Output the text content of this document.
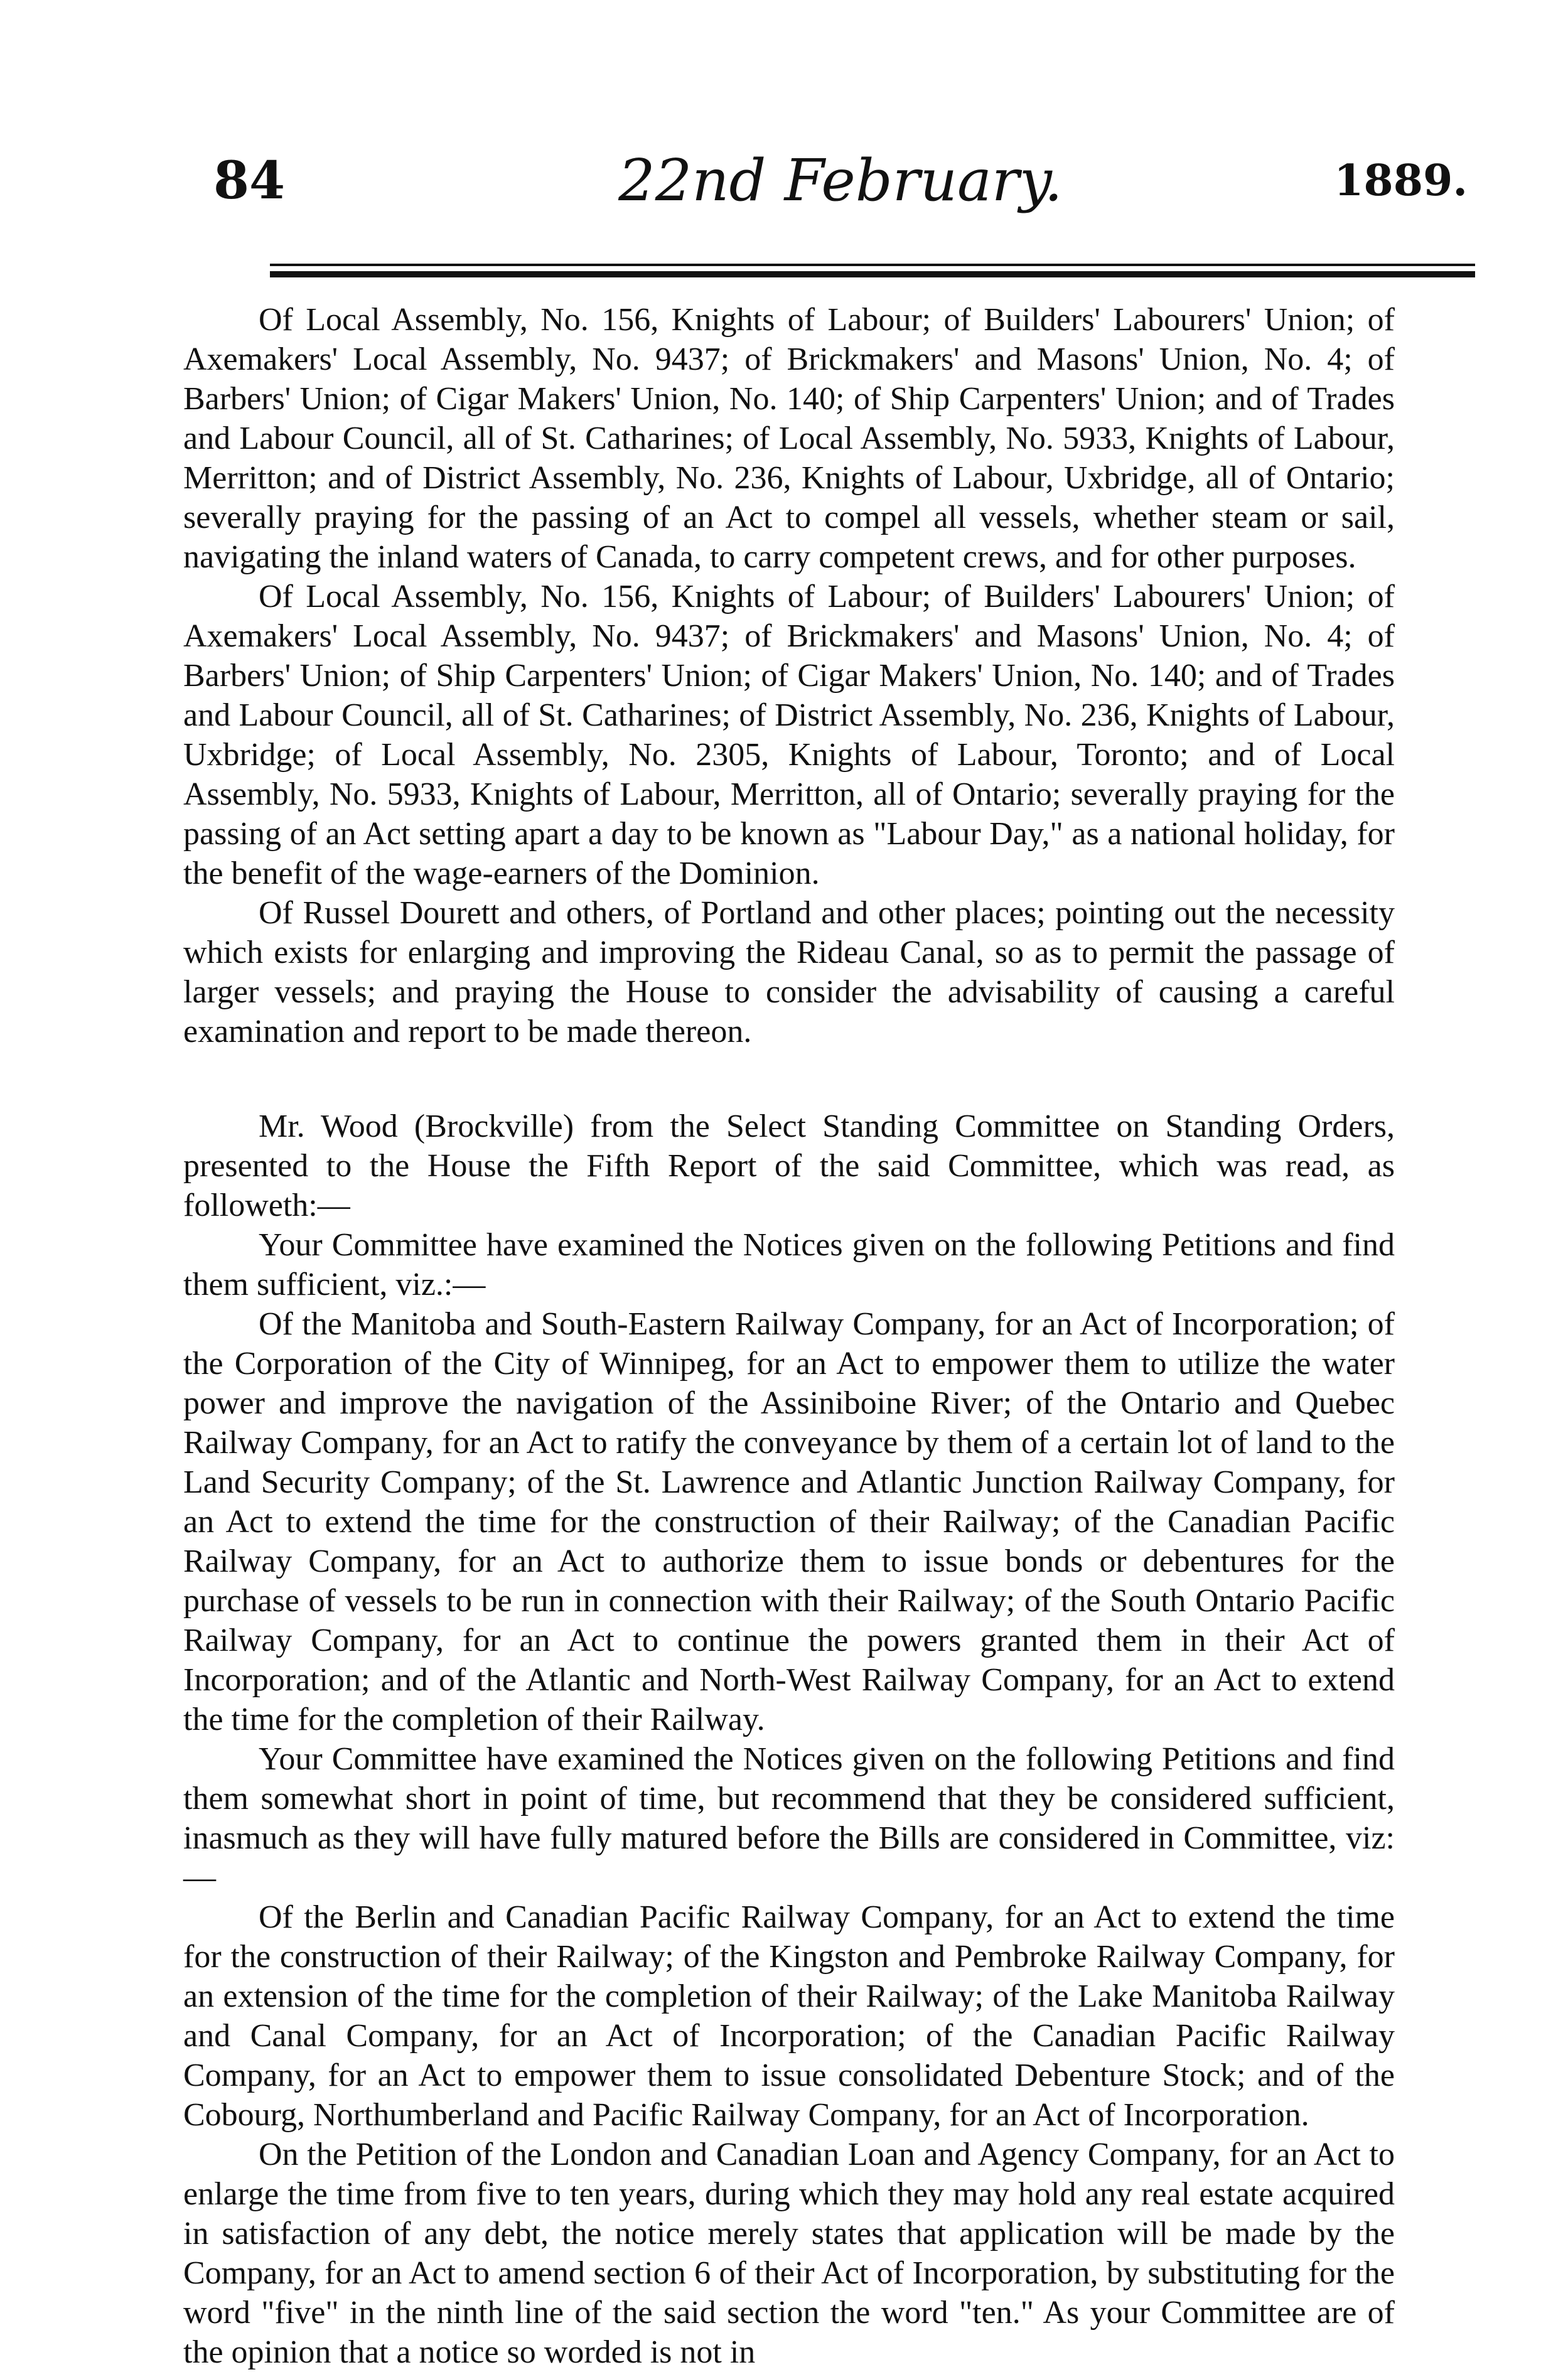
84	22nd February.	1889.

Of Local Assembly, No. 156, Knights of Labour; of Builders' Labourers' Union; of Axemakers' Local Assembly, No. 9437; of Brickmakers' and Masons' Union, No. 4; of Barbers' Union; of Cigar Makers' Union, No. 140; of Ship Carpenters' Union; and of Trades and Labour Council, all of St. Catharines; of Local Assembly, No. 5933, Knights of Labour, Merritton; and of District Assembly, No. 236, Knights of Labour, Uxbridge, all of Ontario; severally praying for the passing of an Act to compel all vessels, whether steam or sail, navigating the inland waters of Canada, to carry competent crews, and for other purposes.

Of Local Assembly, No. 156, Knights of Labour; of Builders' Labourers' Union; of Axemakers' Local Assembly, No. 9437; of Brickmakers' and Masons' Union, No. 4; of Barbers' Union; of Ship Carpenters' Union; of Cigar Makers' Union, No. 140; and of Trades and Labour Council, all of St. Catharines; of District Assembly, No. 236, Knights of Labour, Uxbridge; of Local Assembly, No. 2305, Knights of Labour, Toronto; and of Local Assembly, No. 5933, Knights of Labour, Merritton, all of Ontario; severally praying for the passing of an Act setting apart a day to be known as "Labour Day," as a national holiday, for the benefit of the wage-earners of the Dominion.

Of Russel Dourett and others, of Portland and other places; pointing out the necessity which exists for enlarging and improving the Rideau Canal, so as to permit the passage of larger vessels; and praying the House to consider the advisability of causing a careful examination and report to be made thereon.

Mr. Wood (Brockville) from the Select Standing Committee on Standing Orders, presented to the House the Fifth Report of the said Committee, which was read, as followeth:—

Your Committee have examined the Notices given on the following Petitions and find them sufficient, viz.:—

Of the Manitoba and South-Eastern Railway Company, for an Act of Incorporation; of the Corporation of the City of Winnipeg, for an Act to empower them to utilize the water power and improve the navigation of the Assiniboine River; of the Ontario and Quebec Railway Company, for an Act to ratify the conveyance by them of a certain lot of land to the Land Security Company; of the St. Lawrence and Atlantic Junction Railway Company, for an Act to extend the time for the construction of their Railway; of the Canadian Pacific Railway Company, for an Act to authorize them to issue bonds or debentures for the purchase of vessels to be run in connection with their Railway; of the South Ontario Pacific Railway Company, for an Act to continue the powers granted them in their Act of Incorporation; and of the Atlantic and North-West Railway Company, for an Act to extend the time for the completion of their Railway.

Your Committee have examined the Notices given on the following Petitions and find them somewhat short in point of time, but recommend that they be considered sufficient, inasmuch as they will have fully matured before the Bills are considered in Committee, viz:—

Of the Berlin and Canadian Pacific Railway Company, for an Act to extend the time for the construction of their Railway; of the Kingston and Pembroke Railway Company, for an extension of the time for the completion of their Railway; of the Lake Manitoba Railway and Canal Company, for an Act of Incorporation; of the Canadian Pacific Railway Company, for an Act to empower them to issue consolidated Debenture Stock; and of the Cobourg, Northumberland and Pacific Railway Company, for an Act of Incorporation.

On the Petition of the London and Canadian Loan and Agency Company, for an Act to enlarge the time from five to ten years, during which they may hold any real estate acquired in satisfaction of any debt, the notice merely states that application will be made by the Company, for an Act to amend section 6 of their Act of Incorporation, by substituting for the word "five" in the ninth line of the said section the word "ten." As your Committee are of the opinion that a notice so worded is not in
